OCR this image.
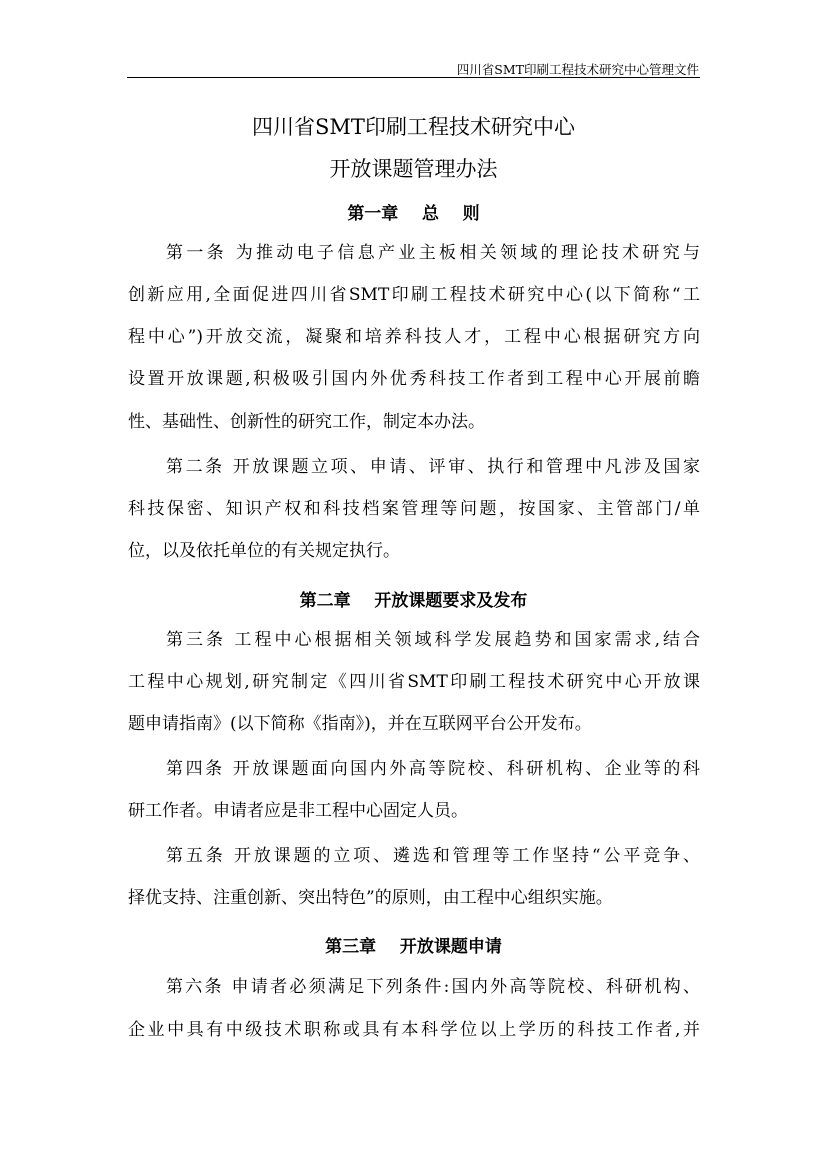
四川省SMT印刷工程技术研究中心管理文件
四川省SMT印刷工程技术研究中心
开放课题管理办法
第一章    总    则
第一条 为推动电子信息产业主板相关领域的理论技术研究与
创新应用,全面促进四川省SMT印刷工程技术研究中心(以下简称“工
程中心”)开放交流，凝聚和培养科技人才，工程中心根据研究方向
设置开放课题,积极吸引国内外优秀科技工作者到工程中心开展前瞻
性、基础性、创新性的研究工作，制定本办法。
第二条 开放课题立项、申请、评审、执行和管理中凡涉及国家
科技保密、知识产权和科技档案管理等问题，按国家、主管部门/单
位，以及依托单位的有关规定执行。
第二章    开放课题要求及发布
第三条 工程中心根据相关领域科学发展趋势和国家需求,结合
工程中心规划,研究制定《四川省SMT印刷工程技术研究中心开放课
题申请指南》(以下简称《指南》)，并在互联网平台公开发布。
第四条 开放课题面向国内外高等院校、科研机构、企业等的科
研工作者。申请者应是非工程中心固定人员。
第五条 开放课题的立项、遴选和管理等工作坚持“公平竞争、
择优支持、注重创新、突出特色”的原则，由工程中心组织实施。
第三章    开放课题申请
第六条 申请者必须满足下列条件:国内外高等院校、科研机构、
企业中具有中级技术职称或具有本科学位以上学历的科技工作者,并
